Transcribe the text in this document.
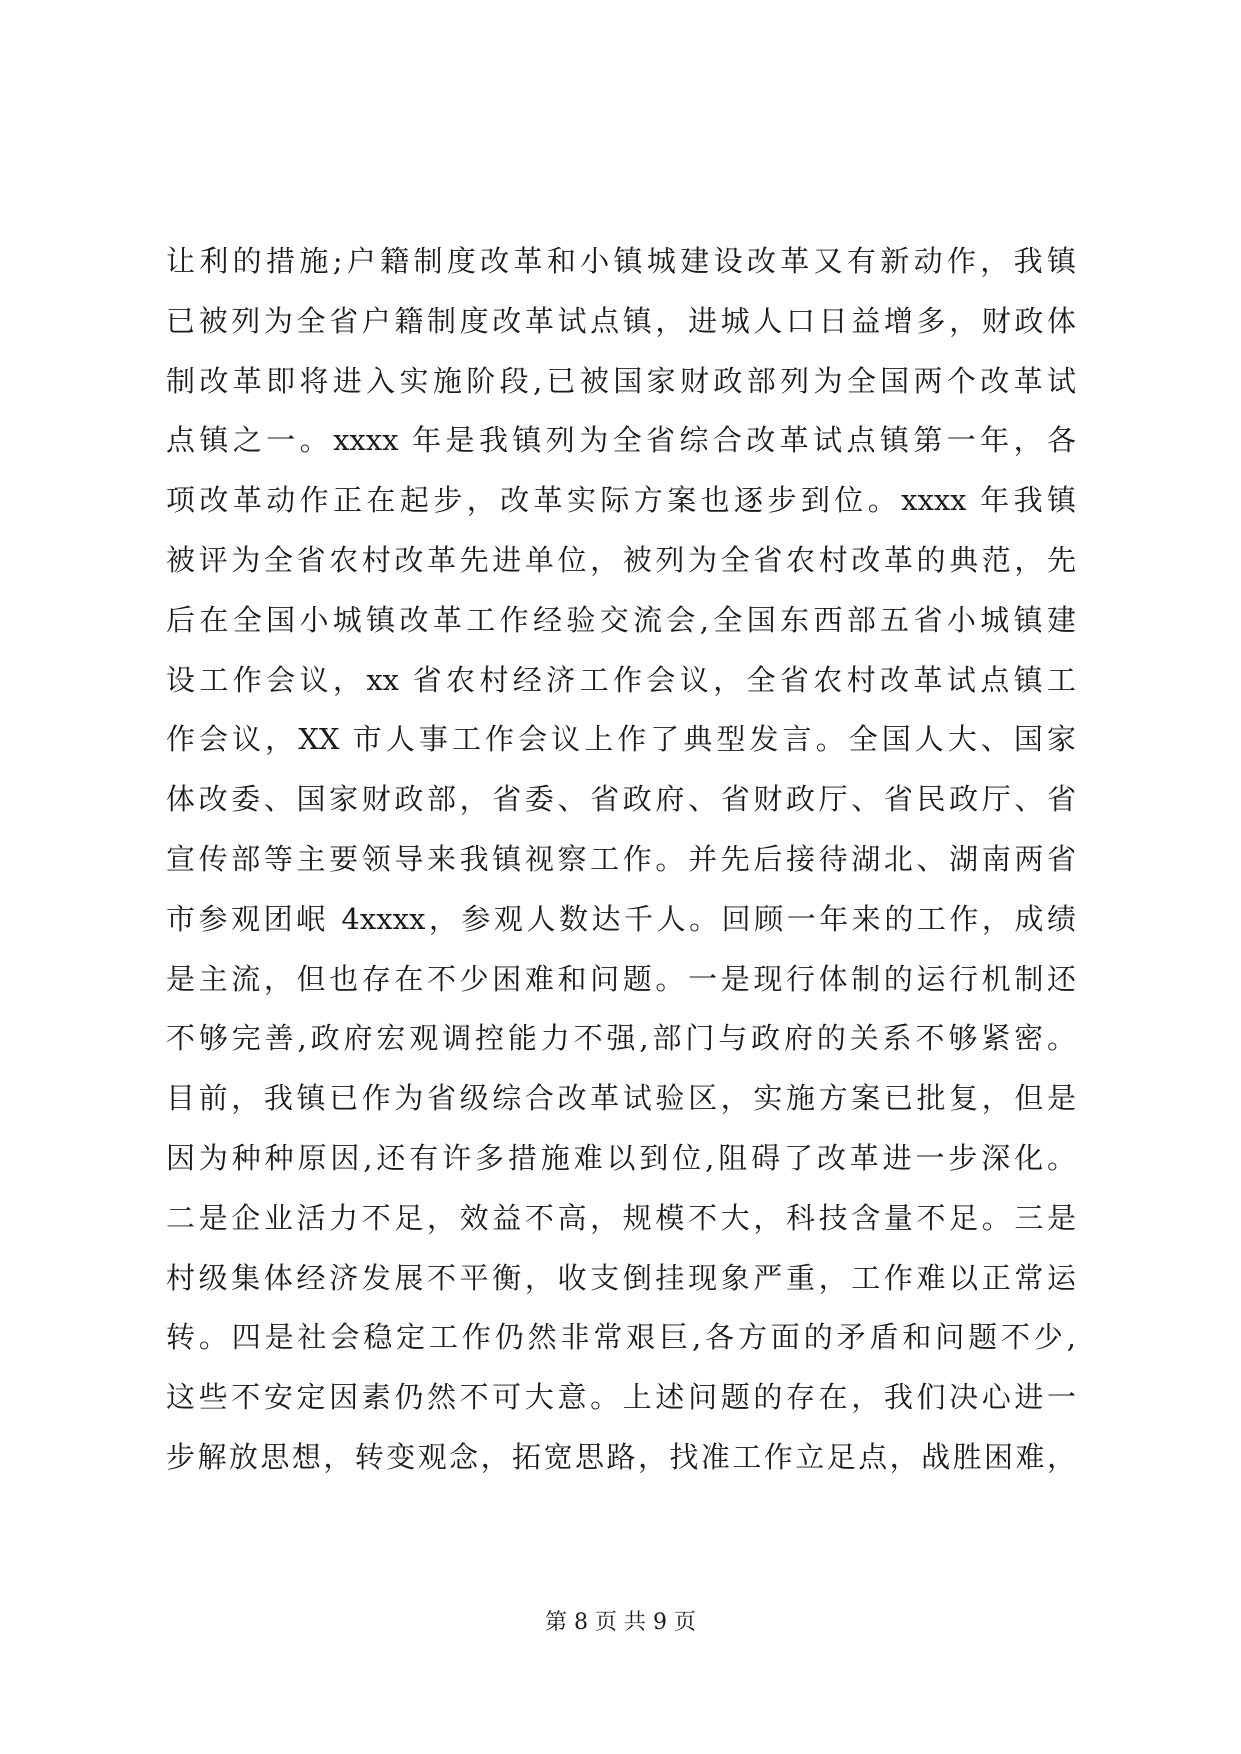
让利的措施;户籍制度改革和小镇城建设改革又有新动作，我镇
已被列为全省户籍制度改革试点镇，进城人口日益增多，财政体
制改革即将进入实施阶段,已被国家财政部列为全国两个改革试
点镇之一。xxxx 年是我镇列为全省综合改革试点镇第一年，各
项改革动作正在起步，改革实际方案也逐步到位。xxxx 年我镇
被评为全省农村改革先进单位，被列为全省农村改革的典范，先
后在全国小城镇改革工作经验交流会,全国东西部五省小城镇建
设工作会议，xx 省农村经济工作会议，全省农村改革试点镇工
作会议，XX 市人事工作会议上作了典型发言。全国人大、国家
体改委、国家财政部，省委、省政府、省财政厅、省民政厅、省
宣传部等主要领导来我镇视察工作。并先后接待湖北、湖南两省
市参观团岷 4xxxx，参观人数达千人。回顾一年来的工作，成绩
是主流，但也存在不少困难和问题。一是现行体制的运行机制还
不够完善,政府宏观调控能力不强,部门与政府的关系不够紧密。
目前，我镇已作为省级综合改革试验区，实施方案已批复，但是
因为种种原因,还有许多措施难以到位,阻碍了改革进一步深化。
二是企业活力不足，效益不高，规模不大，科技含量不足。三是
村级集体经济发展不平衡，收支倒挂现象严重，工作难以正常运
转。四是社会稳定工作仍然非常艰巨,各方面的矛盾和问题不少,
这些不安定因素仍然不可大意。上述问题的存在，我们决心进一
步解放思想，转变观念，拓宽思路，找准工作立足点，战胜困难，
第 8 页 共 9 页
